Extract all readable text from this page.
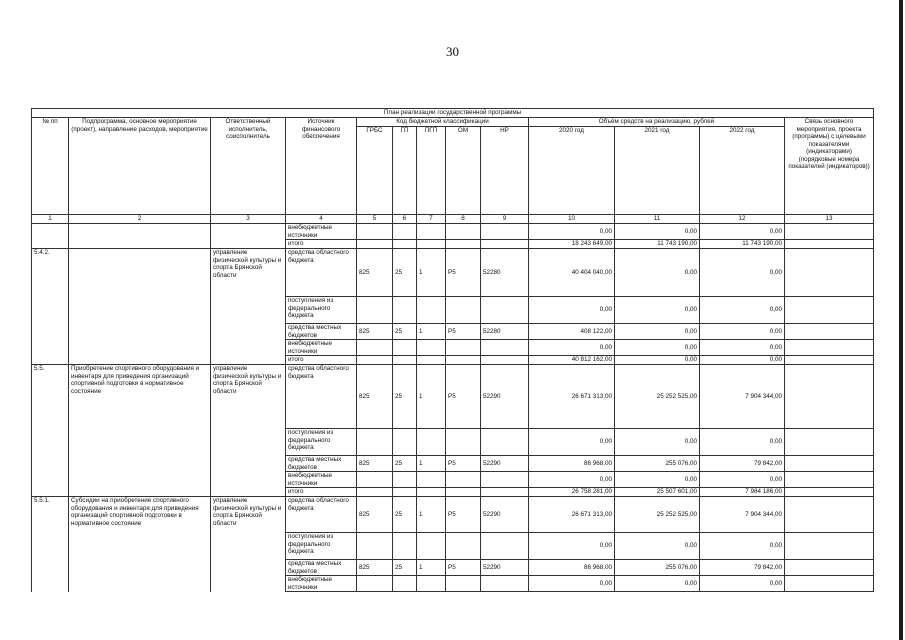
30
План реализации государственной программы												
№ пп	Подпрограмма, основное мероприятие (проект), направление расходов, мероприятие	Ответственный исполнитель, соисполнитель	Источник финансового обеспечения	Код бюджетной классификации					Объём средств на реализацию, рублей			Связь основного мероприятия, проекта (программы) с целевыми показателями (индикаторами) (порядковые номера показателей (индикаторов))
				ГРБС	ГП	ПГП	ОМ	НР	2020 год	2021 год	2022 год	
1	2	3	4	5	6	7	8	9	10	11	12	13
			внебюджетные источники						0,00	0,00	0,00	
			итого						18 243 649,00	11 743 190,00	11 743 190,00	
5.4.2.		управление физической культуры и спорта Брянской области	средства областного бюджета	825	25	1	Р5	52280	40 404 040,00	0,00	0,00	
			поступления из федерального бюджета						0,00	0,00	0,00	
			средства местных бюджетов	825	25	1	Р5	52280	408 122,00	0,00	0,00	
			внебюджетные источники						0,00	0,00	0,00	
			итого						40 812 162,00	0,00	0,00	
5.5.	Приобретение спортивного оборудования и инвентаря для приведения организаций спортивной подготовки в нормативное состояние	управление физической культуры и спорта Брянской области	средства областного бюджета	825	25	1	Р5	52290	26 671 313,00	25 252 525,00	7 904 344,00	
			поступления из федерального бюджета						0,00	0,00	0,00	
			средства местных бюджетов	825	25	1	Р5	52290	86 968,00	255 076,00	79 842,00	
			внебюджетные источники						0,00	0,00	0,00	
			итого						26 758 281,00	25 507 601,00	7 984 186,00	
5.5.1.	Субсидии на приобретение спортивного оборудования и инвентаря для приведения организаций спортивной подготовки в нормативное состояние	управление физической культуры и спорта Брянской области	средства областного бюджета	825	25	1	Р5	52290	26 671 313,00	25 252 525,00	7 904 344,00	
			поступления из федерального бюджета						0,00	0,00	0,00	
			средства местных бюджетов	825	25	1	Р5	52290	86 968,00	255 076,00	79 842,00	
			внебюджетные источники						0,00	0,00	0,00	
